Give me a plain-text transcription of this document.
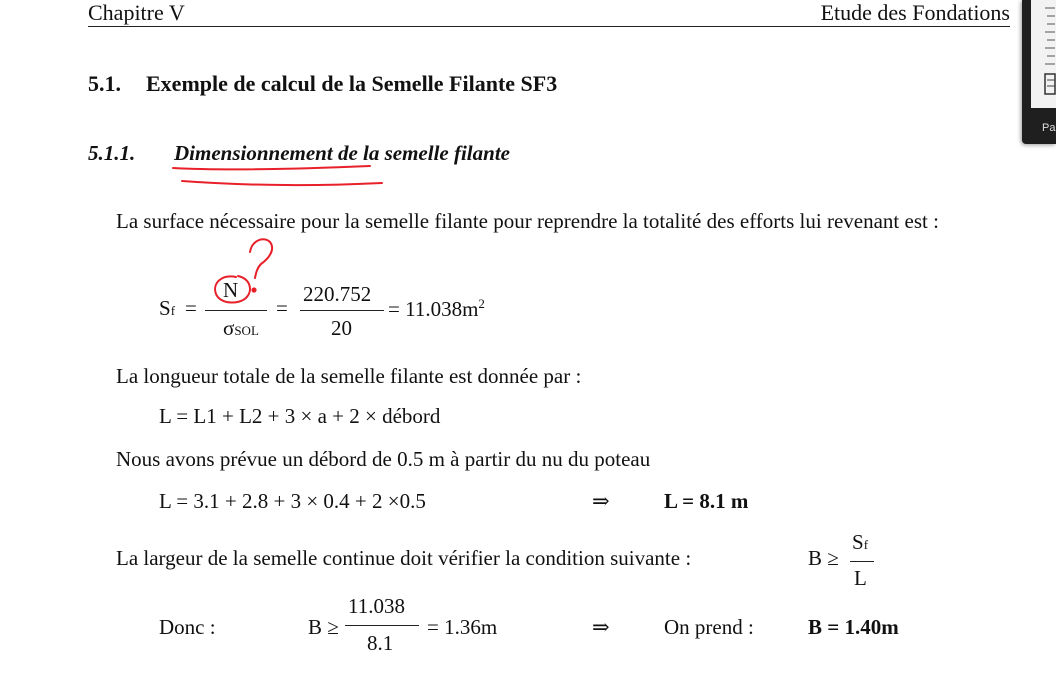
Chapitre V	Etude des Fondations
5.1. Exemple de calcul de la Semelle Filante SF3
5.1.1. Dimensionnement de la semelle filante
La surface nécessaire pour la semelle filante pour reprendre la totalité des efforts lui revenant est :
Sf =
N
σSOL
=
220.752
20
= $11.038m^2$
La longueur totale de la semelle filante est donnée par :
L = L1 + L2 + 3 × a + 2 × débord
Nous avons prévue un débord de 0.5 m à partir du nu du poteau
L = 3.1 + 2.8 + 3 × 0.4 + 2 ×0.5	⇒	L = 8.1 m
La largeur de la semelle continue doit vérifier la condition suivante :	B ≥
Sf
L
Donc :	B ≥
11.038
8.1
= 1.36m	⇒	On prend :	B = 1.40m
Pa
